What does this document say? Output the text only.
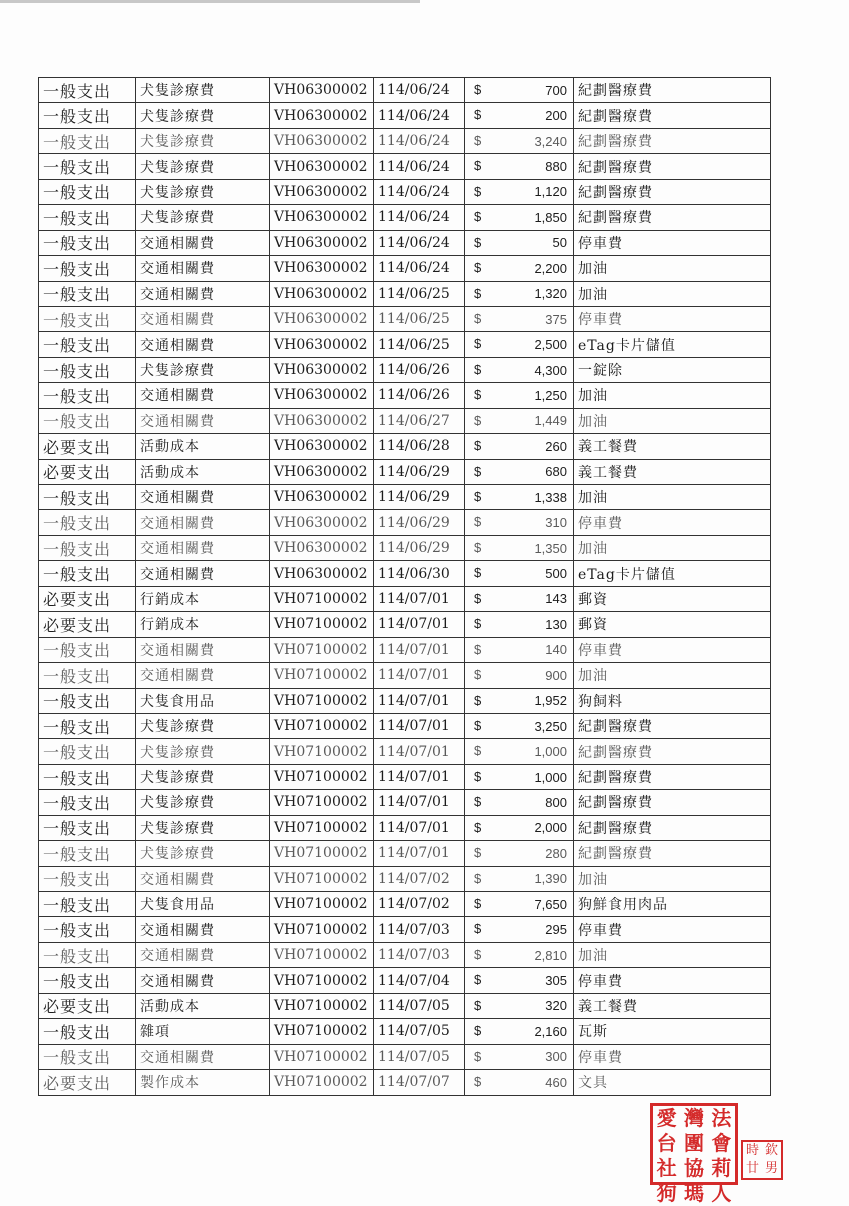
一般支出	犬隻診療費	VH06300002	114/06/24	$ 700	紀劃醫療費
一般支出	犬隻診療費	VH06300002	114/06/24	$ 200	紀劃醫療費
一般支出	犬隻診療費	VH06300002	114/06/24	$ 3,240	紀劃醫療費
一般支出	犬隻診療費	VH06300002	114/06/24	$ 880	紀劃醫療費
一般支出	犬隻診療費	VH06300002	114/06/24	$ 1,120	紀劃醫療費
一般支出	犬隻診療費	VH06300002	114/06/24	$ 1,850	紀劃醫療費
一般支出	交通相關費	VH06300002	114/06/24	$ 50	停車費
一般支出	交通相關費	VH06300002	114/06/24	$ 2,200	加油
一般支出	交通相關費	VH06300002	114/06/25	$ 1,320	加油
一般支出	交通相關費	VH06300002	114/06/25	$ 375	停車費
一般支出	交通相關費	VH06300002	114/06/25	$ 2,500	eTag卡片儲值
一般支出	犬隻診療費	VH06300002	114/06/26	$ 4,300	一錠除
一般支出	交通相關費	VH06300002	114/06/26	$ 1,250	加油
一般支出	交通相關費	VH06300002	114/06/27	$ 1,449	加油
必要支出	活動成本	VH06300002	114/06/28	$ 260	義工餐費
必要支出	活動成本	VH06300002	114/06/29	$ 680	義工餐費
一般支出	交通相關費	VH06300002	114/06/29	$ 1,338	加油
一般支出	交通相關費	VH06300002	114/06/29	$ 310	停車費
一般支出	交通相關費	VH06300002	114/06/29	$ 1,350	加油
一般支出	交通相關費	VH06300002	114/06/30	$ 500	eTag卡片儲值
必要支出	行銷成本	VH07100002	114/07/01	$ 143	郵資
必要支出	行銷成本	VH07100002	114/07/01	$ 130	郵資
一般支出	交通相關費	VH07100002	114/07/01	$ 140	停車費
一般支出	交通相關費	VH07100002	114/07/01	$ 900	加油
一般支出	犬隻食用品	VH07100002	114/07/01	$ 1,952	狗飼料
一般支出	犬隻診療費	VH07100002	114/07/01	$ 3,250	紀劃醫療費
一般支出	犬隻診療費	VH07100002	114/07/01	$ 1,000	紀劃醫療費
一般支出	犬隻診療費	VH07100002	114/07/01	$ 1,000	紀劃醫療費
一般支出	犬隻診療費	VH07100002	114/07/01	$ 800	紀劃醫療費
一般支出	犬隻診療費	VH07100002	114/07/01	$ 2,000	紀劃醫療費
一般支出	犬隻診療費	VH07100002	114/07/01	$ 280	紀劃醫療費
一般支出	交通相關費	VH07100002	114/07/02	$ 1,390	加油
一般支出	犬隻食用品	VH07100002	114/07/02	$ 7,650	狗鮮食用肉品
一般支出	交通相關費	VH07100002	114/07/03	$ 295	停車費
一般支出	交通相關費	VH07100002	114/07/03	$ 2,810	加油
一般支出	交通相關費	VH07100002	114/07/04	$ 305	停車費
必要支出	活動成本	VH07100002	114/07/05	$ 320	義工餐費
一般支出	雜項	VH07100002	114/07/05	$ 2,160	瓦斯
一般支出	交通相關費	VH07100002	114/07/05	$ 300	停車費
必要支出	製作成本	VH07100002	114/07/07	$ 460	文具
愛 灣 法
台 團 會
社 協 莉
狗 瑪 人
時 欽
廿 男
